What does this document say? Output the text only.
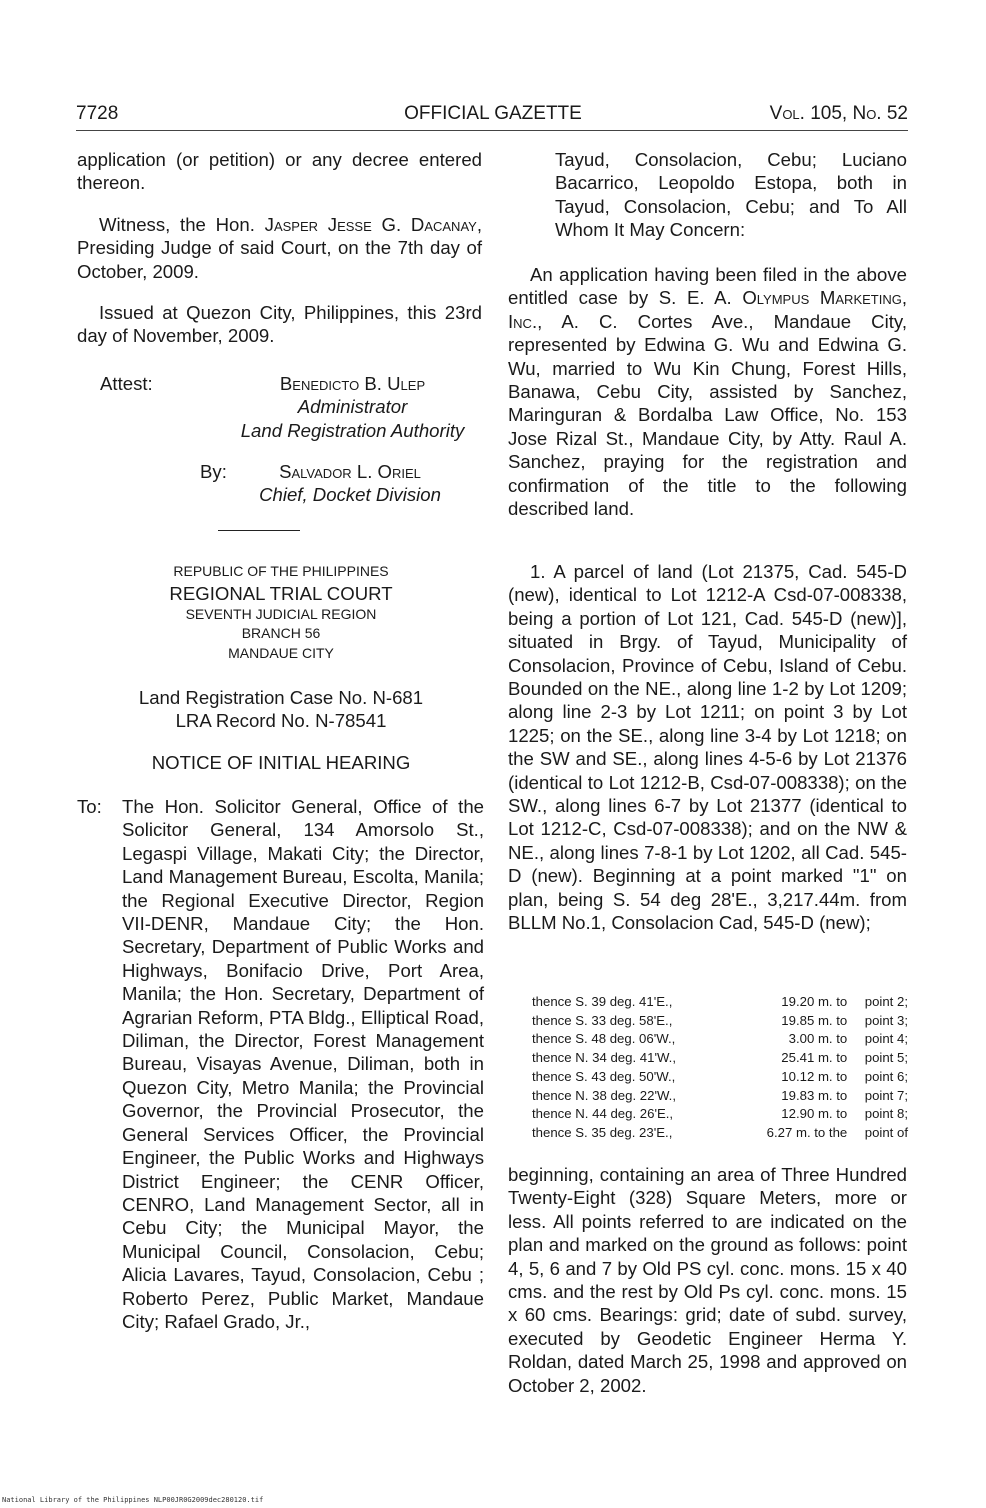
7728	OFFICIAL GAZETTE	Vol. 105, No. 52

application (or petition) or any decree entered thereon.

Witness, the Hon. Jasper Jesse G. Dacanay, Presiding Judge of said Court, on the 7th day of October, 2009.

Issued at Quezon City, Philippines, this 23rd day of November, 2009.

Attest:	Benedicto B. Ulep
Administrator
Land Registration Authority
By:	Salvador L. Oriel
Chief, Docket Division
REPUBLIC OF THE PHILIPPINES
REGIONAL TRIAL COURT
SEVENTH JUDICIAL REGION
BRANCH 56
MANDAUE CITY
Land Registration Case No. N-681
LRA Record No. N-78541
NOTICE OF INITIAL HEARING
To: The Hon. Solicitor General, Office of the Solicitor General, 134 Amorsolo St., Legaspi Village, Makati City; the Director, Land Management Bureau, Escolta, Manila; the Regional Executive Director, Region VII-DENR, Mandaue City; the Hon. Secretary, Department of Public Works and Highways, Bonifacio Drive, Port Area, Manila; the Hon. Secretary, Department of Agrarian Reform, PTA Bldg., Elliptical Road, Diliman, the Director, Forest Management Bureau, Visayas Avenue, Diliman, both in Quezon City, Metro Manila; the Provincial Governor, the Provincial Prosecutor, the General Services Officer, the Provincial Engineer, the Public Works and Highways District Engineer; the CENR Officer, CENRO, Land Management Sector, all in Cebu City; the Municipal Mayor, the Municipal Council, Consolacion, Cebu; Alicia Lavares, Tayud, Consolacion, Cebu ; Roberto Perez, Public Market, Mandaue City; Rafael Grado, Jr.,

Tayud, Consolacion, Cebu; Luciano Bacarrico, Leopoldo Estopa, both in Tayud, Consolacion, Cebu; and To All Whom It May Concern:

An application having been filed in the above entitled case by S. E. A. Olympus Marketing, Inc., A. C. Cortes Ave., Mandaue City, represented by Edwina G. Wu and Edwina G. Wu, married to Wu Kin Chung, Forest Hills, Banawa, Cebu City, assisted by Sanchez, Maringuran & Bordalba Law Office, No. 153 Jose Rizal St., Mandaue City, by Atty. Raul A. Sanchez, praying for the registration and confirmation of the title to the following described land.

1. A parcel of land (Lot 21375, Cad. 545-D (new), identical to Lot 1212-A Csd-07-008338, being a portion of Lot 121, Cad. 545-D (new)], situated in Brgy. of Tayud, Municipality of Consolacion, Province of Cebu, Island of Cebu. Bounded on the NE., along line 1-2 by Lot 1209; along line 2-3 by Lot 1211; on point 3 by Lot 1225; on the SE., along line 3-4 by Lot 1218; on the SW and SE., along lines 4-5-6 by Lot 21376 (identical to Lot 1212-B, Csd-07-008338); on the SW., along lines 6-7 by Lot 21377 (identical to Lot 1212-C, Csd-07-008338); and on the NW & NE., along lines 7-8-1 by Lot 1202, all Cad. 545-D (new). Beginning at a point marked "1" on plan, being S. 54 deg 28'E., 3,217.44m. from BLLM No.1, Consolacion Cad, 545-D (new);

thence S. 39 deg. 41'E.,	19.20 m. to	point 2;
thence S. 33 deg. 58'E.,	19.85 m. to	point 3;
thence S. 48 deg. 06'W.,	3.00 m. to	point 4;
thence N. 34 deg. 41'W.,	25.41 m. to	point 5;
thence S. 43 deg. 50'W.,	10.12 m. to	point 6;
thence N. 38 deg. 22'W.,	19.83 m. to	point 7;
thence N. 44 deg. 26'E.,	12.90 m. to	point 8;
thence S. 35 deg. 23'E.,	6.27 m. to the	point of

beginning, containing an area of Three Hundred Twenty-Eight (328) Square Meters, more or less. All points referred to are indicated on the plan and marked on the ground as follows: point 4, 5, 6 and 7 by Old PS cyl. conc. mons. 15 x 40 cms. and the rest by Old Ps cyl. conc. mons. 15 x 60 cms. Bearings: grid; date of subd. survey, executed by Geodetic Engineer Herma Y. Roldan, dated March 25, 1998 and approved on October 2, 2002.

National Library of the Philippines NLP00JR0G2009dec280120.tif
